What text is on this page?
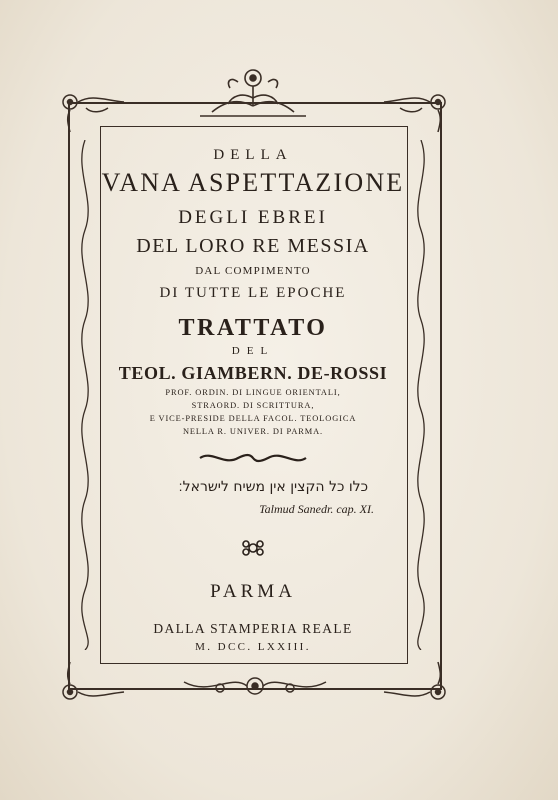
DELLA
VANA ASPETTAZIONE
DEGLI EBREI
DEL LORO RE MESSIA
DAL COMPIMENTO
DI TUTTE LE EPOCHE
TRATTATO
DEL
TEOL. GIAMBERN. DE-ROSSI
PROF. ORDIN. DI LINGUE ORIENTALI,
STRAORD. DI SCRITTURA,
E VICE-PRESIDE DELLA FACOL. TEOLOGICA
NELLA R. UNIVER. DI PARMA.
כלו כל הקצין אין משיח לישראל׃
Talmud Sanedr. cap. XI.
PARMA
DALLA STAMPERIA REALE
M. DCC. LXXIII.
